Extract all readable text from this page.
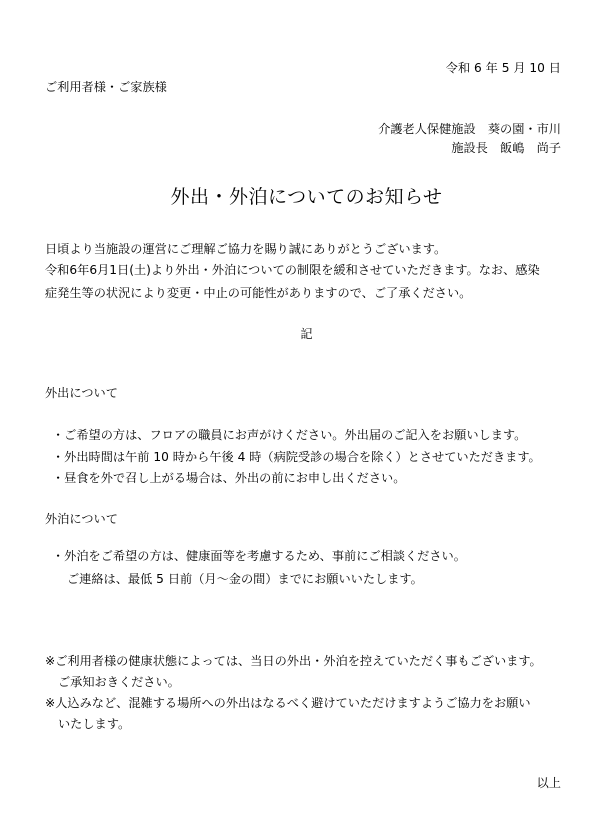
令和 6 年 5 月 10 日
ご利用者様・ご家族様
介護老人保健施設　葵の園・市川
施設長　飯嶋　尚子
外出・外泊についてのお知らせ
日頃より当施設の運営にご理解ご協力を賜り誠にありがとうございます。
令和6年6月1日(土)より外出・外泊についての制限を緩和させていただきます。なお、感染
症発生等の状況により変更・中止の可能性がありますので、ご了承ください。
記
外出について
・ご希望の方は、フロアの職員にお声がけください。外出届のご記入をお願いします。
・外出時間は午前 10 時から午後 4 時（病院受診の場合を除く）とさせていただきます。
・昼食を外で召し上がる場合は、外出の前にお申し出ください。
外泊について
・外泊をご希望の方は、健康面等を考慮するため、事前にご相談ください。
ご連絡は、最低 5 日前（月～金の間）までにお願いいたします。
※ご利用者様の健康状態によっては、当日の外出・外泊を控えていただく事もございます。
ご承知おきください。
※人込みなど、混雑する場所への外出はなるべく避けていただけますようご協力をお願い
いたします。
以上
